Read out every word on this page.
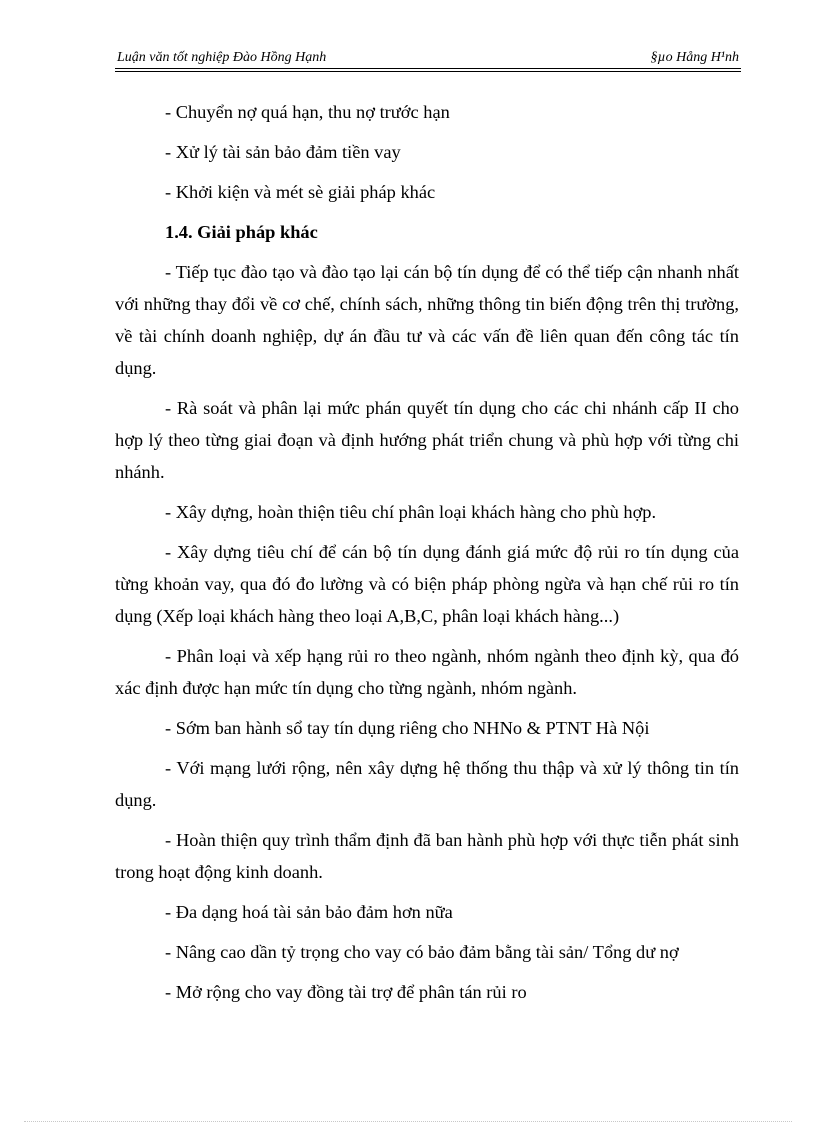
Luận văn tốt nghiệp Đào Hồng Hạnh	§µo Hång H¹nh

- Chuyển nợ quá hạn, thu nợ trước hạn

- Xử lý tài sản bảo đảm tiền vay

- Khởi kiện và mét sè giải pháp khác

1.4. Giải pháp khác

- Tiếp tục đào tạo và đào tạo lại cán bộ tín dụng để có thể tiếp cận nhanh nhất với những thay đổi về cơ chế, chính sách, những thông tin biến động trên thị trường, về tài chính doanh nghiệp, dự án đầu tư và các vấn đề liên quan đến công tác tín dụng.

- Rà soát và phân lại mức phán quyết tín dụng cho các chi nhánh cấp II cho hợp lý theo từng giai đoạn và định hướng phát triển chung và phù hợp với từng chi nhánh.

- Xây dựng, hoàn thiện tiêu chí phân loại khách hàng cho phù hợp.

- Xây dựng tiêu chí để cán bộ tín dụng đánh giá mức độ rủi ro tín dụng của từng khoản vay, qua đó đo lường và có biện pháp phòng ngừa và hạn chế rủi ro tín dụng (Xếp loại khách hàng theo loại A,B,C, phân loại khách hàng...)

- Phân loại và xếp hạng rủi ro theo ngành, nhóm ngành theo định kỳ, qua đó xác định được hạn mức tín dụng cho từng ngành, nhóm ngành.

- Sớm ban hành sổ tay tín dụng riêng cho NHNo & PTNT Hà Nội

- Với mạng lưới rộng, nên xây dựng hệ thống thu thập và xử lý thông tin tín dụng.

- Hoàn thiện quy trình thẩm định đã ban hành phù hợp với thực tiễn phát sinh trong hoạt động kinh doanh.

- Đa dạng hoá tài sản bảo đảm hơn nữa

- Nâng cao dần tỷ trọng cho vay có bảo đảm bằng tài sản/ Tổng dư nợ

- Mở rộng cho vay đồng tài trợ để phân tán rủi ro
